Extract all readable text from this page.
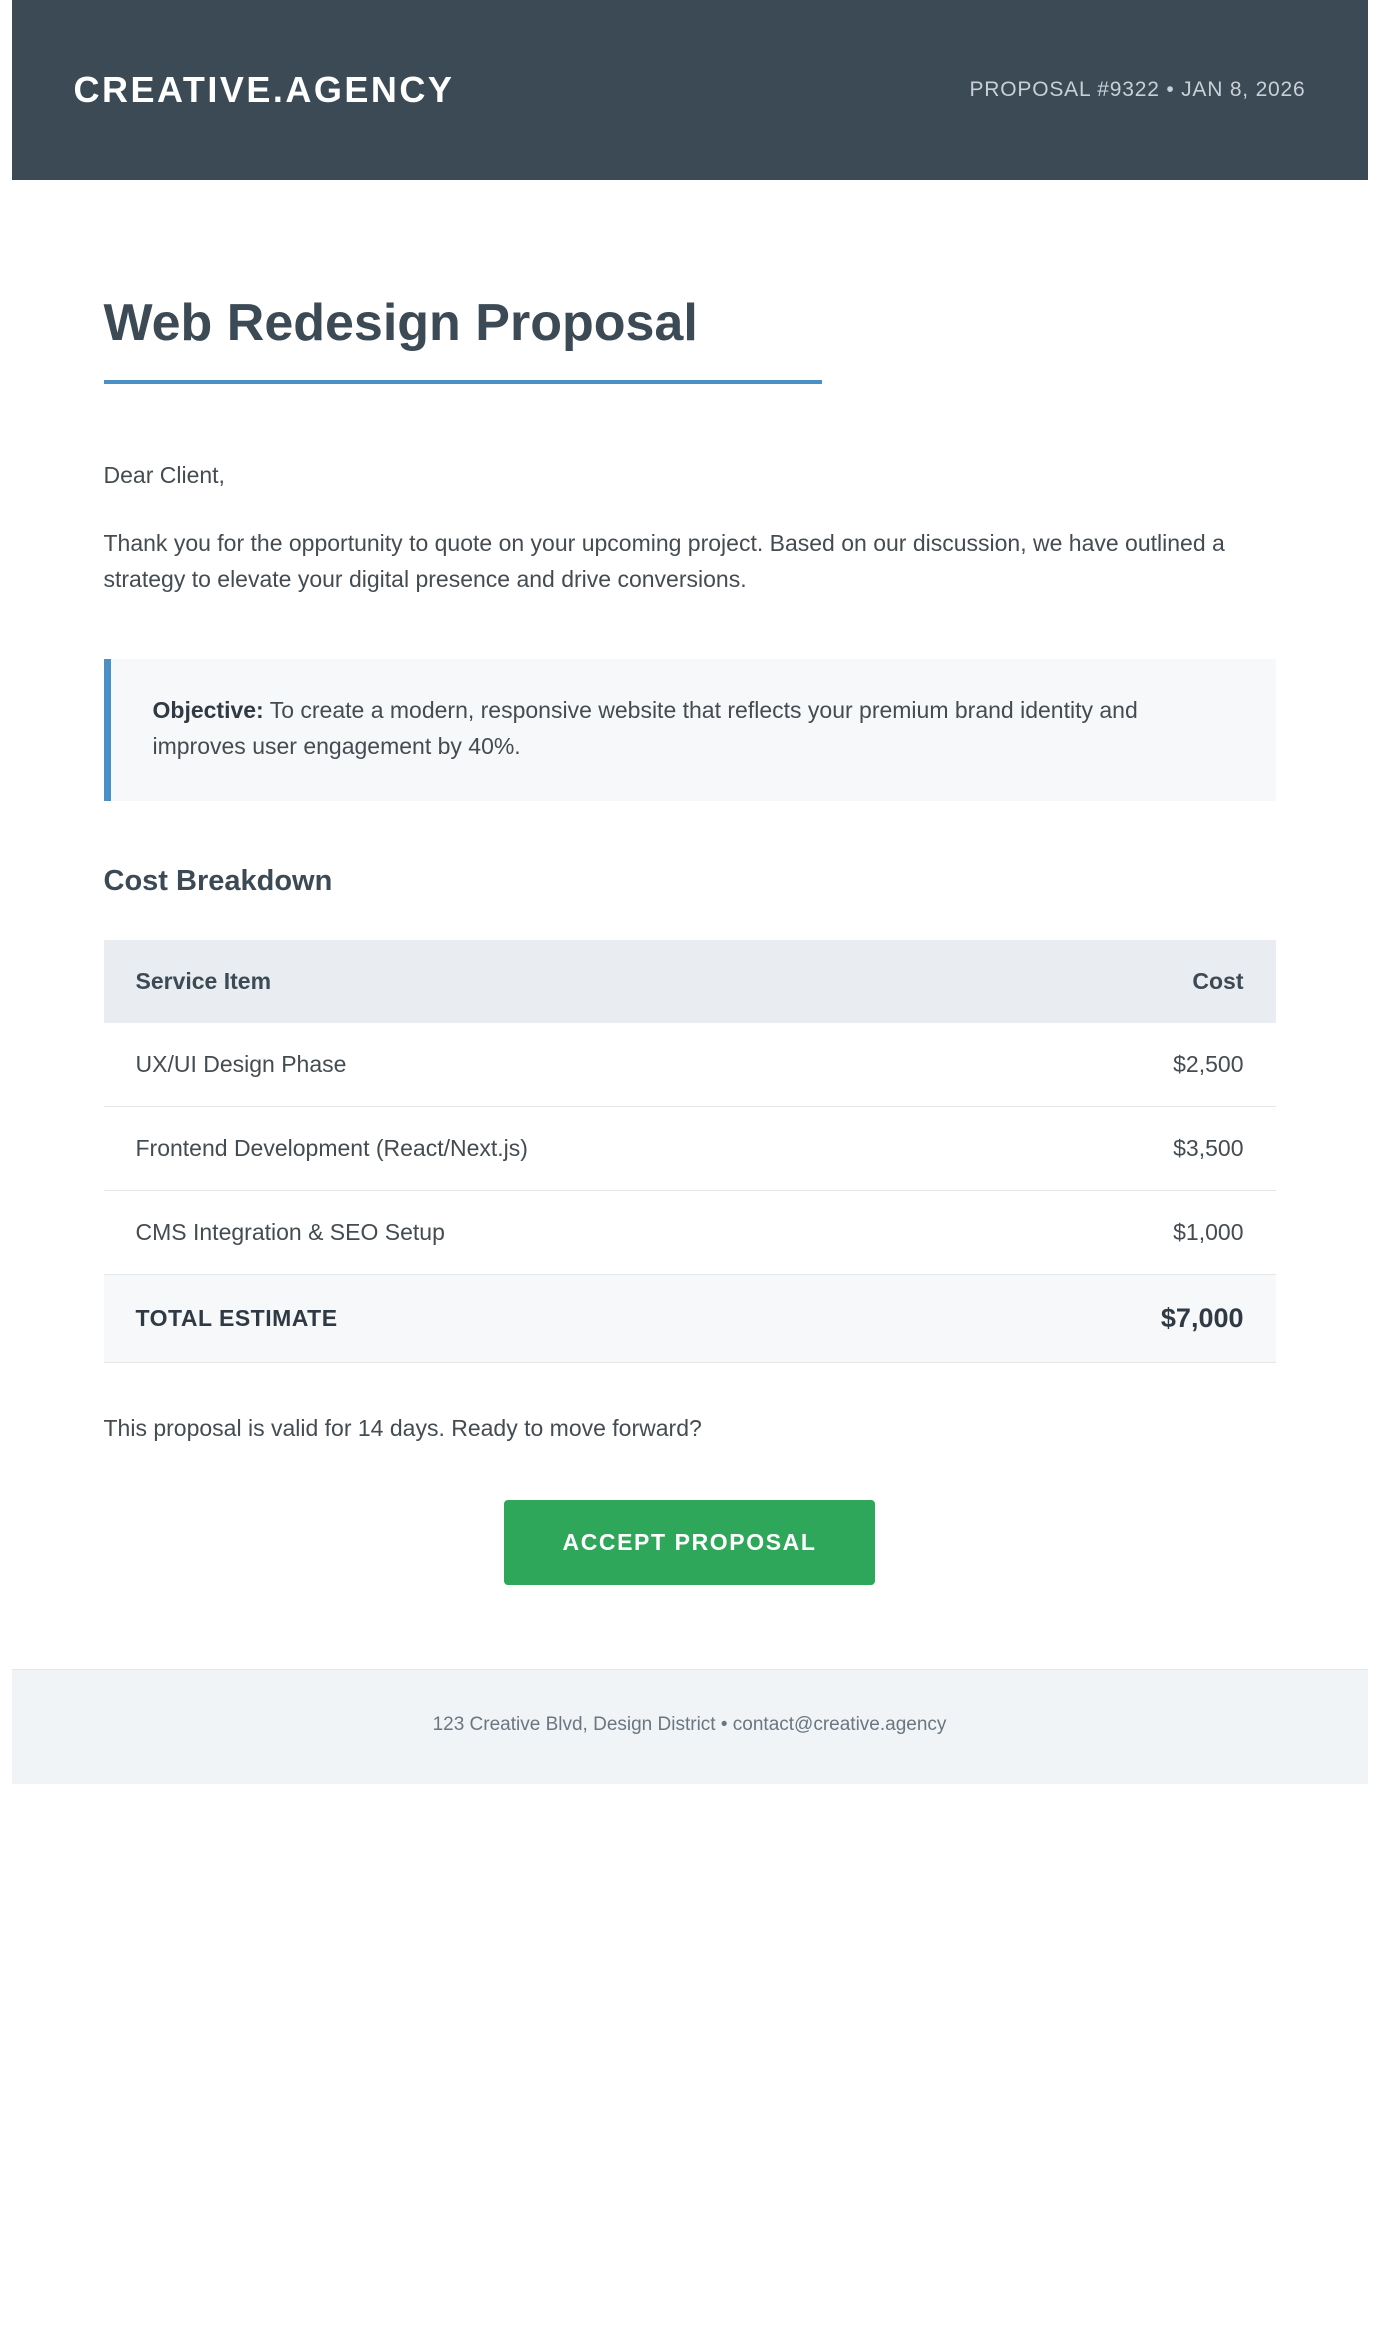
CREATIVE.AGENCY	PROPOSAL #9322 • JAN 8, 2026
Web Redesign Proposal
Dear Client,
Thank you for the opportunity to quote on your upcoming project. Based on our discussion, we have outlined a strategy to elevate your digital presence and drive conversions.
Objective: To create a modern, responsive website that reflects your premium brand identity and improves user engagement by 40%.
Cost Breakdown
Service Item	Cost
UX/UI Design Phase	$2,500
Frontend Development (React/Next.js)	$3,500
CMS Integration & SEO Setup	$1,000
TOTAL ESTIMATE	$7,000
This proposal is valid for 14 days. Ready to move forward?
ACCEPT PROPOSAL
123 Creative Blvd, Design District • contact@creative.agency
